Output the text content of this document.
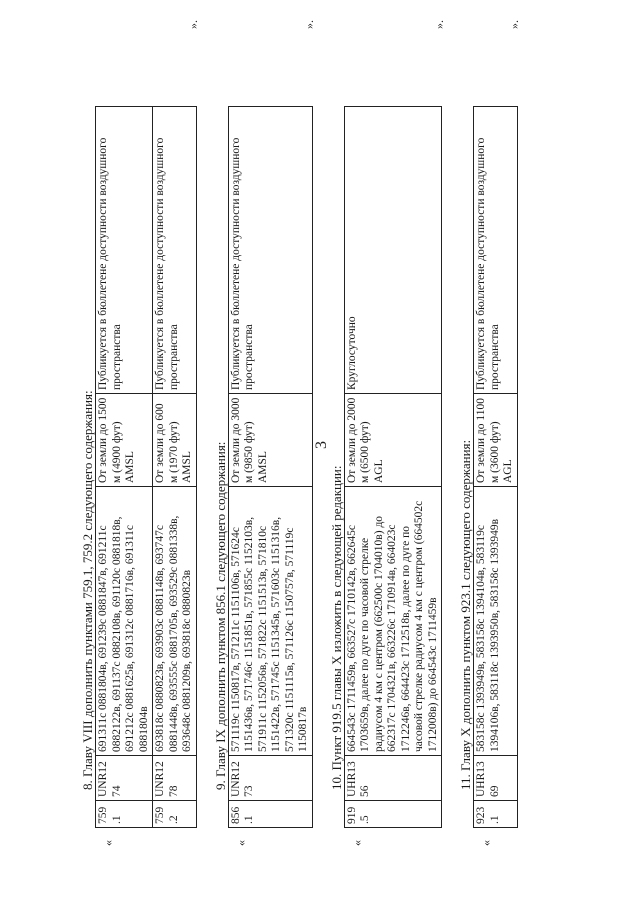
3
8. Главу VIII дополнить пунктами 759.1, 759.2 следующего содержания:
«
759.1	UNR1274	691311с 0881804в, 691239с 0881847в, 691211с 0882122в, 691137с 0882108в, 691120с 0881818в, 691212с 0881625в, 691312с 0881716в, 691311с 0881804в	От земли до 1500 м (4900 фут) AMSL	Публикуется в бюллетене доступности воздушного пространства
759.2	UNR1278	693818с 0880823в, 693903с 0881148в, 693747с 0881448в, 693555с 0881705в, 693529с 0881338в, 693648с 0881209в, 693818с 0880823в	От земли до 600 м (1970 фут) AMSL	Публикуется в бюллетене доступности воздушного пространства
».
9. Главу IX дополнить пунктом 856.1 следующего содержания:
«
856.1	UNR1273	571119с 1150817в, 571211с 1151106в, 571624с 1151436в, 571746с 1151851в, 571855с 1152103в, 571911с 1152056в, 571822с 1151513в, 571810с 1151422в, 571745с 1151345в, 571603с 1151316в, 571320с 1151115в, 571126с 1150757в, 571119с 1150817в	От земли до 3000 м (9850 фут) AMSL	Публикуется в бюллетене доступности воздушного пространства
».
10. Пункт 919.5 главы X изложить в следующей редакции:
«
919.5	UHR1356	664543с 1711459в, 663527с 1710142в, 662645с 1703659в, далее по дуге по часовой стрелке радиусом 4 км с центром (662500с 1704010в) до 662317с 1704321в, 663226с 1710914в, 664023с 1712246в, 664423с 1712518в, далее по дуге по часовой стрелке радиусом 4 км с центром (664502с 1712008в) до 664543с 1711459в	От земли до 2000 м (6500 фут) AGL	Круглосуточно
».
11. Главу X дополнить пунктом 923.1 следующего содержания:
«
923.1	UHR1369	583158с 1393949в, 583158с 1394104в, 583119с 1394106в, 583118с 1393950в, 583158с 1393949в	От земли до 1100 м (3600 фут) AGL	Публикуется в бюллетене доступности воздушного пространства
».
